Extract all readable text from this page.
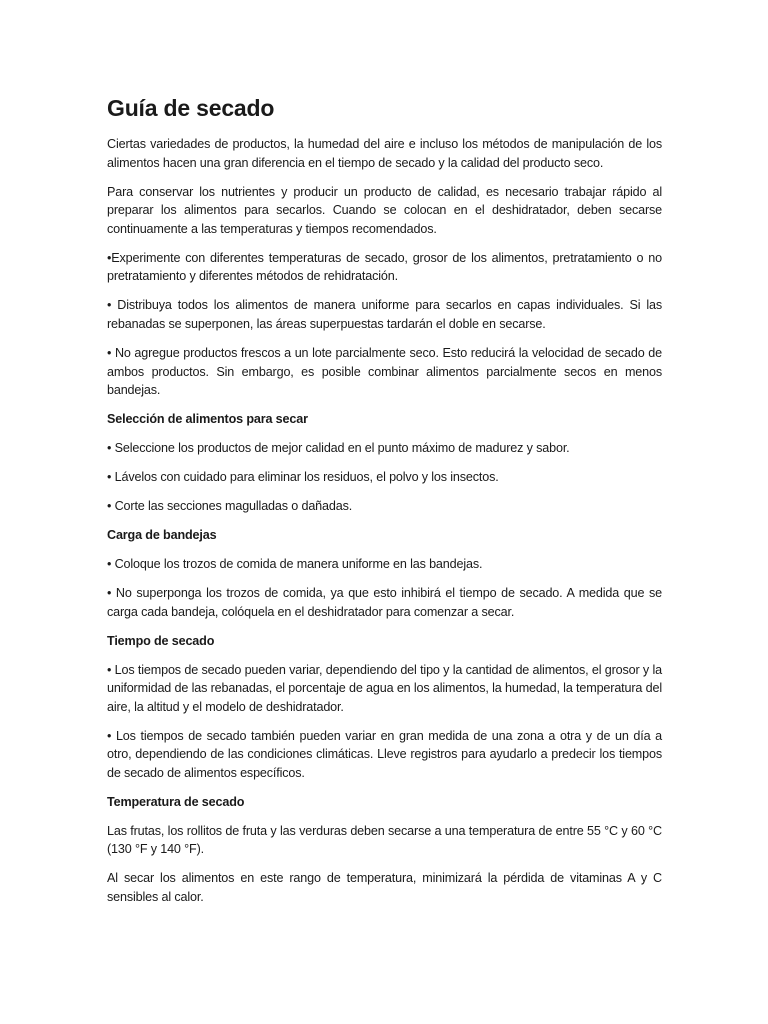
Guía de secado

Ciertas variedades de productos, la humedad del aire e incluso los métodos de manipulación de los alimentos hacen una gran diferencia en el tiempo de secado y la calidad del producto seco.

Para conservar los nutrientes y producir un producto de calidad, es necesario trabajar rápido al preparar los alimentos para secarlos. Cuando se colocan en el deshidratador, deben secarse continuamente a las temperaturas y tiempos recomendados.

•Experimente con diferentes temperaturas de secado, grosor de los alimentos, pretratamiento o no pretratamiento y diferentes métodos de rehidratación.

• Distribuya todos los alimentos de manera uniforme para secarlos en capas individuales. Si las rebanadas se superponen, las áreas superpuestas tardarán el doble en secarse.

• No agregue productos frescos a un lote parcialmente seco. Esto reducirá la velocidad de secado de ambos productos. Sin embargo, es posible combinar alimentos parcialmente secos en menos bandejas.

Selección de alimentos para secar

• Seleccione los productos de mejor calidad en el punto máximo de madurez y sabor.

• Lávelos con cuidado para eliminar los residuos, el polvo y los insectos.

• Corte las secciones magulladas o dañadas.

Carga de bandejas

• Coloque los trozos de comida de manera uniforme en las bandejas.

• No superponga los trozos de comida, ya que esto inhibirá el tiempo de secado. A medida que se carga cada bandeja, colóquela en el deshidratador para comenzar a secar.

Tiempo de secado

• Los tiempos de secado pueden variar, dependiendo del tipo y la cantidad de alimentos, el grosor y la uniformidad de las rebanadas, el porcentaje de agua en los alimentos, la humedad, la temperatura del aire, la altitud y el modelo de deshidratador.

• Los tiempos de secado también pueden variar en gran medida de una zona a otra y de un día a otro, dependiendo de las condiciones climáticas. Lleve registros para ayudarlo a predecir los tiempos de secado de alimentos específicos.

Temperatura de secado

Las frutas, los rollitos de fruta y las verduras deben secarse a una temperatura de entre 55 °C y 60 °C (130 °F y 140 °F).

Al secar los alimentos en este rango de temperatura, minimizará la pérdida de vitaminas A y C sensibles al calor.
